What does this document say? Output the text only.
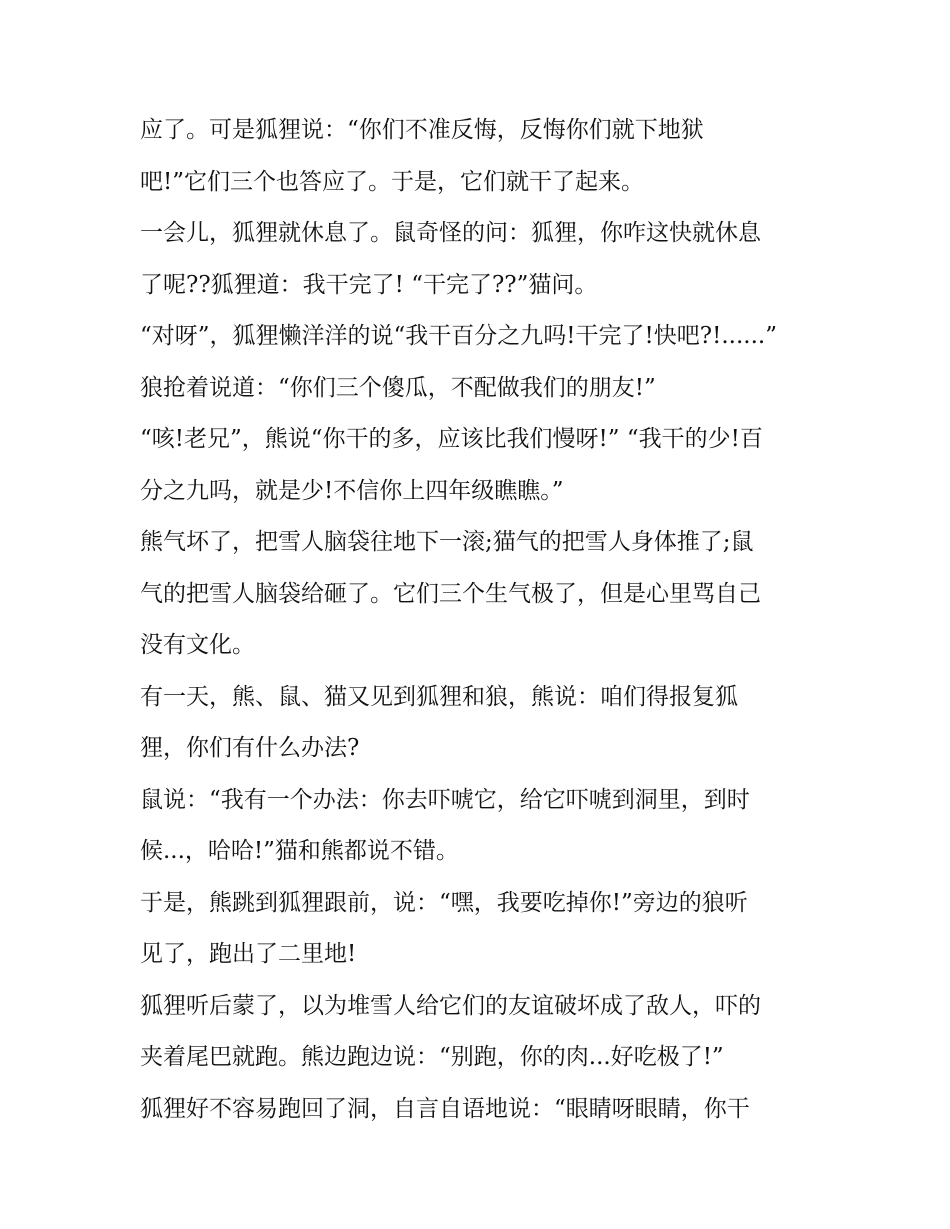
应了。可是狐狸说：“你们不准反悔，反悔你们就下地狱
吧!”它们三个也答应了。于是，它们就干了起来。
一会儿，狐狸就休息了。鼠奇怪的问：狐狸，你咋这快就休息
了呢??狐狸道：我干完了! “干完了??”猫问。
“对呀”，狐狸懒洋洋的说“我干百分之九吗!干完了!快吧?!......”
狼抢着说道：“你们三个傻瓜，不配做我们的朋友!”
“咳!老兄”，熊说“你干的多，应该比我们慢呀!” “我干的少!百
分之九吗，就是少!不信你上四年级瞧瞧。”
熊气坏了，把雪人脑袋往地下一滚;猫气的把雪人身体推了;鼠
气的把雪人脑袋给砸了。它们三个生气极了，但是心里骂自己
没有文化。
有一天，熊、鼠、猫又见到狐狸和狼，熊说：咱们得报复狐
狸，你们有什么办法?
鼠说：“我有一个办法：你去吓唬它，给它吓唬到洞里，到时
候...，哈哈!”猫和熊都说不错。
于是，熊跳到狐狸跟前，说：“嘿，我要吃掉你!”旁边的狼听
见了，跑出了二里地!
狐狸听后蒙了，以为堆雪人给它们的友谊破坏成了敌人，吓的
夹着尾巴就跑。熊边跑边说：“别跑，你的肉...好吃极了!”
狐狸好不容易跑回了洞，自言自语地说：“眼睛呀眼睛，你干
